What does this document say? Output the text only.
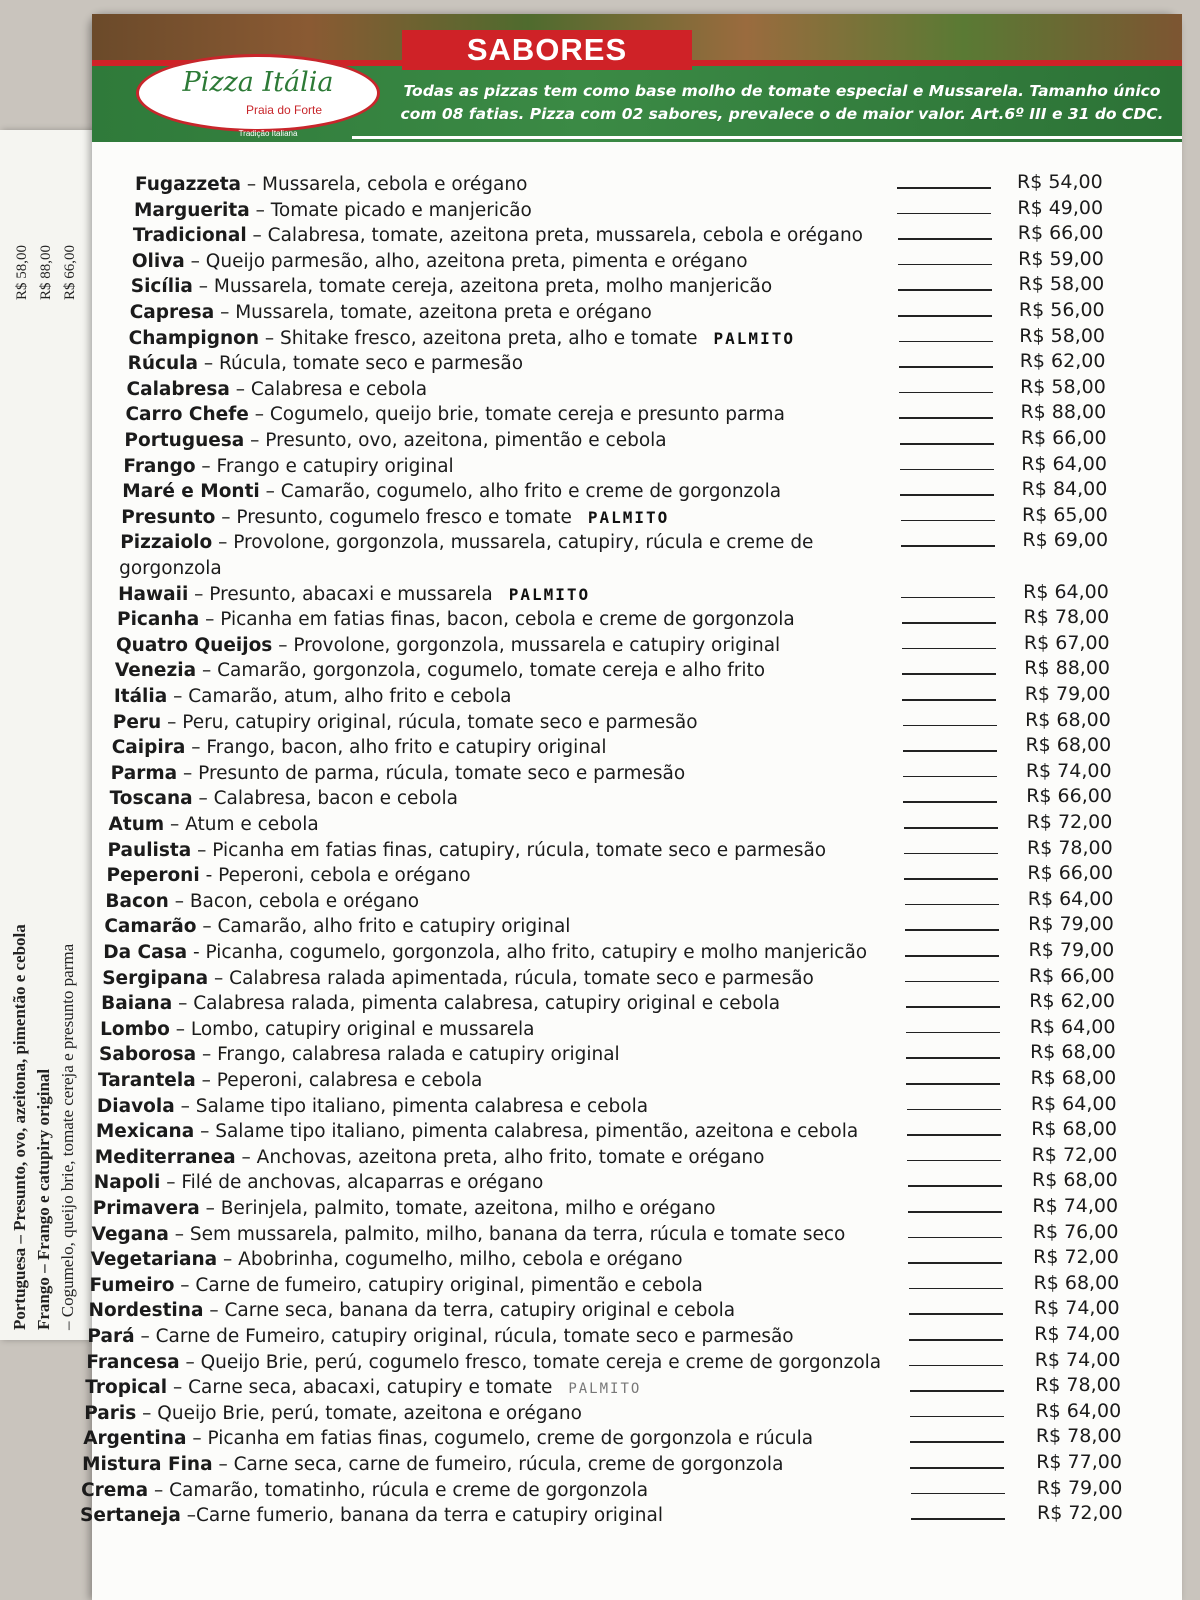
R$ 58,00 R$ 88,00 R$ 66,00
Portuguesa – Presunto, ovo, azeitona, pimentão e cebola Frango – Frango e catupiry original – Cogumelo, queijo brie, tomate cereja e presunto parma
SABORES
Pizza Itália
Praia do Forte
Tradição Italiana
Todas as pizzas tem como base molho de tomate especial e Mussarela. Tamanho único com 08 fatias. Pizza com 02 sabores, prevalece o de maior valor. Art.6º III e 31 do CDC.
Fugazzeta – Mussarela, cebola e orégano	R$ 54,00
Marguerita – Tomate picado e manjericão	R$ 49,00
Tradicional – Calabresa, tomate, azeitona preta, mussarela, cebola e orégano	R$ 66,00
Oliva – Queijo parmesão, alho, azeitona preta, pimenta e orégano	R$ 59,00
Sicília – Mussarela, tomate cereja, azeitona preta, molho manjericão	R$ 58,00
Capresa – Mussarela, tomate, azeitona preta e orégano	R$ 56,00
Champignon – Shitake fresco, azeitona preta, alho e tomate PALMITO	R$ 58,00
Rúcula – Rúcula, tomate seco e parmesão	R$ 62,00
Calabresa – Calabresa e cebola	R$ 58,00
Carro Chefe – Cogumelo, queijo brie, tomate cereja e presunto parma	R$ 88,00
Portuguesa – Presunto, ovo, azeitona, pimentão e cebola	R$ 66,00
Frango – Frango e catupiry original	R$ 64,00
Maré e Monti – Camarão, cogumelo, alho frito e creme de gorgonzola	R$ 84,00
Presunto – Presunto, cogumelo fresco e tomate PALMITO	R$ 65,00
Pizzaiolo – Provolone, gorgonzola, mussarela, catupiry, rúcula e creme de	R$ 69,00
gorgonzola
Hawaii – Presunto, abacaxi e mussarela PALMITO	R$ 64,00
Picanha – Picanha em fatias finas, bacon, cebola e creme de gorgonzola	R$ 78,00
Quatro Queijos – Provolone, gorgonzola, mussarela e catupiry original	R$ 67,00
Venezia – Camarão, gorgonzola, cogumelo, tomate cereja e alho frito	R$ 88,00
Itália – Camarão, atum, alho frito e cebola	R$ 79,00
Peru – Peru, catupiry original, rúcula, tomate seco e parmesão	R$ 68,00
Caipira – Frango, bacon, alho frito e catupiry original	R$ 68,00
Parma – Presunto de parma, rúcula, tomate seco e parmesão	R$ 74,00
Toscana – Calabresa, bacon e cebola	R$ 66,00
Atum – Atum e cebola	R$ 72,00
Paulista – Picanha em fatias finas, catupiry, rúcula, tomate seco e parmesão	R$ 78,00
Peperoni - Peperoni, cebola e orégano	R$ 66,00
Bacon – Bacon, cebola e orégano	R$ 64,00
Camarão – Camarão, alho frito e catupiry original	R$ 79,00
Da Casa - Picanha, cogumelo, gorgonzola, alho frito, catupiry e molho manjericão	R$ 79,00
Sergipana – Calabresa ralada apimentada, rúcula, tomate seco e parmesão	R$ 66,00
Baiana – Calabresa ralada, pimenta calabresa, catupiry original e cebola	R$ 62,00
Lombo – Lombo, catupiry original e mussarela	R$ 64,00
Saborosa – Frango, calabresa ralada e catupiry original	R$ 68,00
Tarantela – Peperoni, calabresa e cebola	R$ 68,00
Diavola – Salame tipo italiano, pimenta calabresa e cebola	R$ 64,00
Mexicana – Salame tipo italiano, pimenta calabresa, pimentão, azeitona e cebola	R$ 68,00
Mediterranea – Anchovas, azeitona preta, alho frito, tomate e orégano	R$ 72,00
Napoli – Filé de anchovas, alcaparras e orégano	R$ 68,00
Primavera – Berinjela, palmito, tomate, azeitona, milho e orégano	R$ 74,00
Vegana – Sem mussarela, palmito, milho, banana da terra, rúcula e tomate seco	R$ 76,00
Vegetariana – Abobrinha, cogumelho, milho, cebola e orégano	R$ 72,00
Fumeiro – Carne de fumeiro, catupiry original, pimentão e cebola	R$ 68,00
Nordestina – Carne seca, banana da terra, catupiry original e cebola	R$ 74,00
Pará – Carne de Fumeiro, catupiry original, rúcula, tomate seco e parmesão	R$ 74,00
Francesa – Queijo Brie, perú, cogumelo fresco, tomate cereja e creme de gorgonzola	R$ 74,00
Tropical – Carne seca, abacaxi, catupiry e tomate PALMITO	R$ 78,00
Paris – Queijo Brie, perú, tomate, azeitona e orégano	R$ 64,00
Argentina – Picanha em fatias finas, cogumelo, creme de gorgonzola e rúcula	R$ 78,00
Mistura Fina – Carne seca, carne de fumeiro, rúcula, creme de gorgonzola	R$ 77,00
Crema – Camarão, tomatinho, rúcula e creme de gorgonzola	R$ 79,00
Sertaneja –Carne fumerio, banana da terra e catupiry original	R$ 72,00
